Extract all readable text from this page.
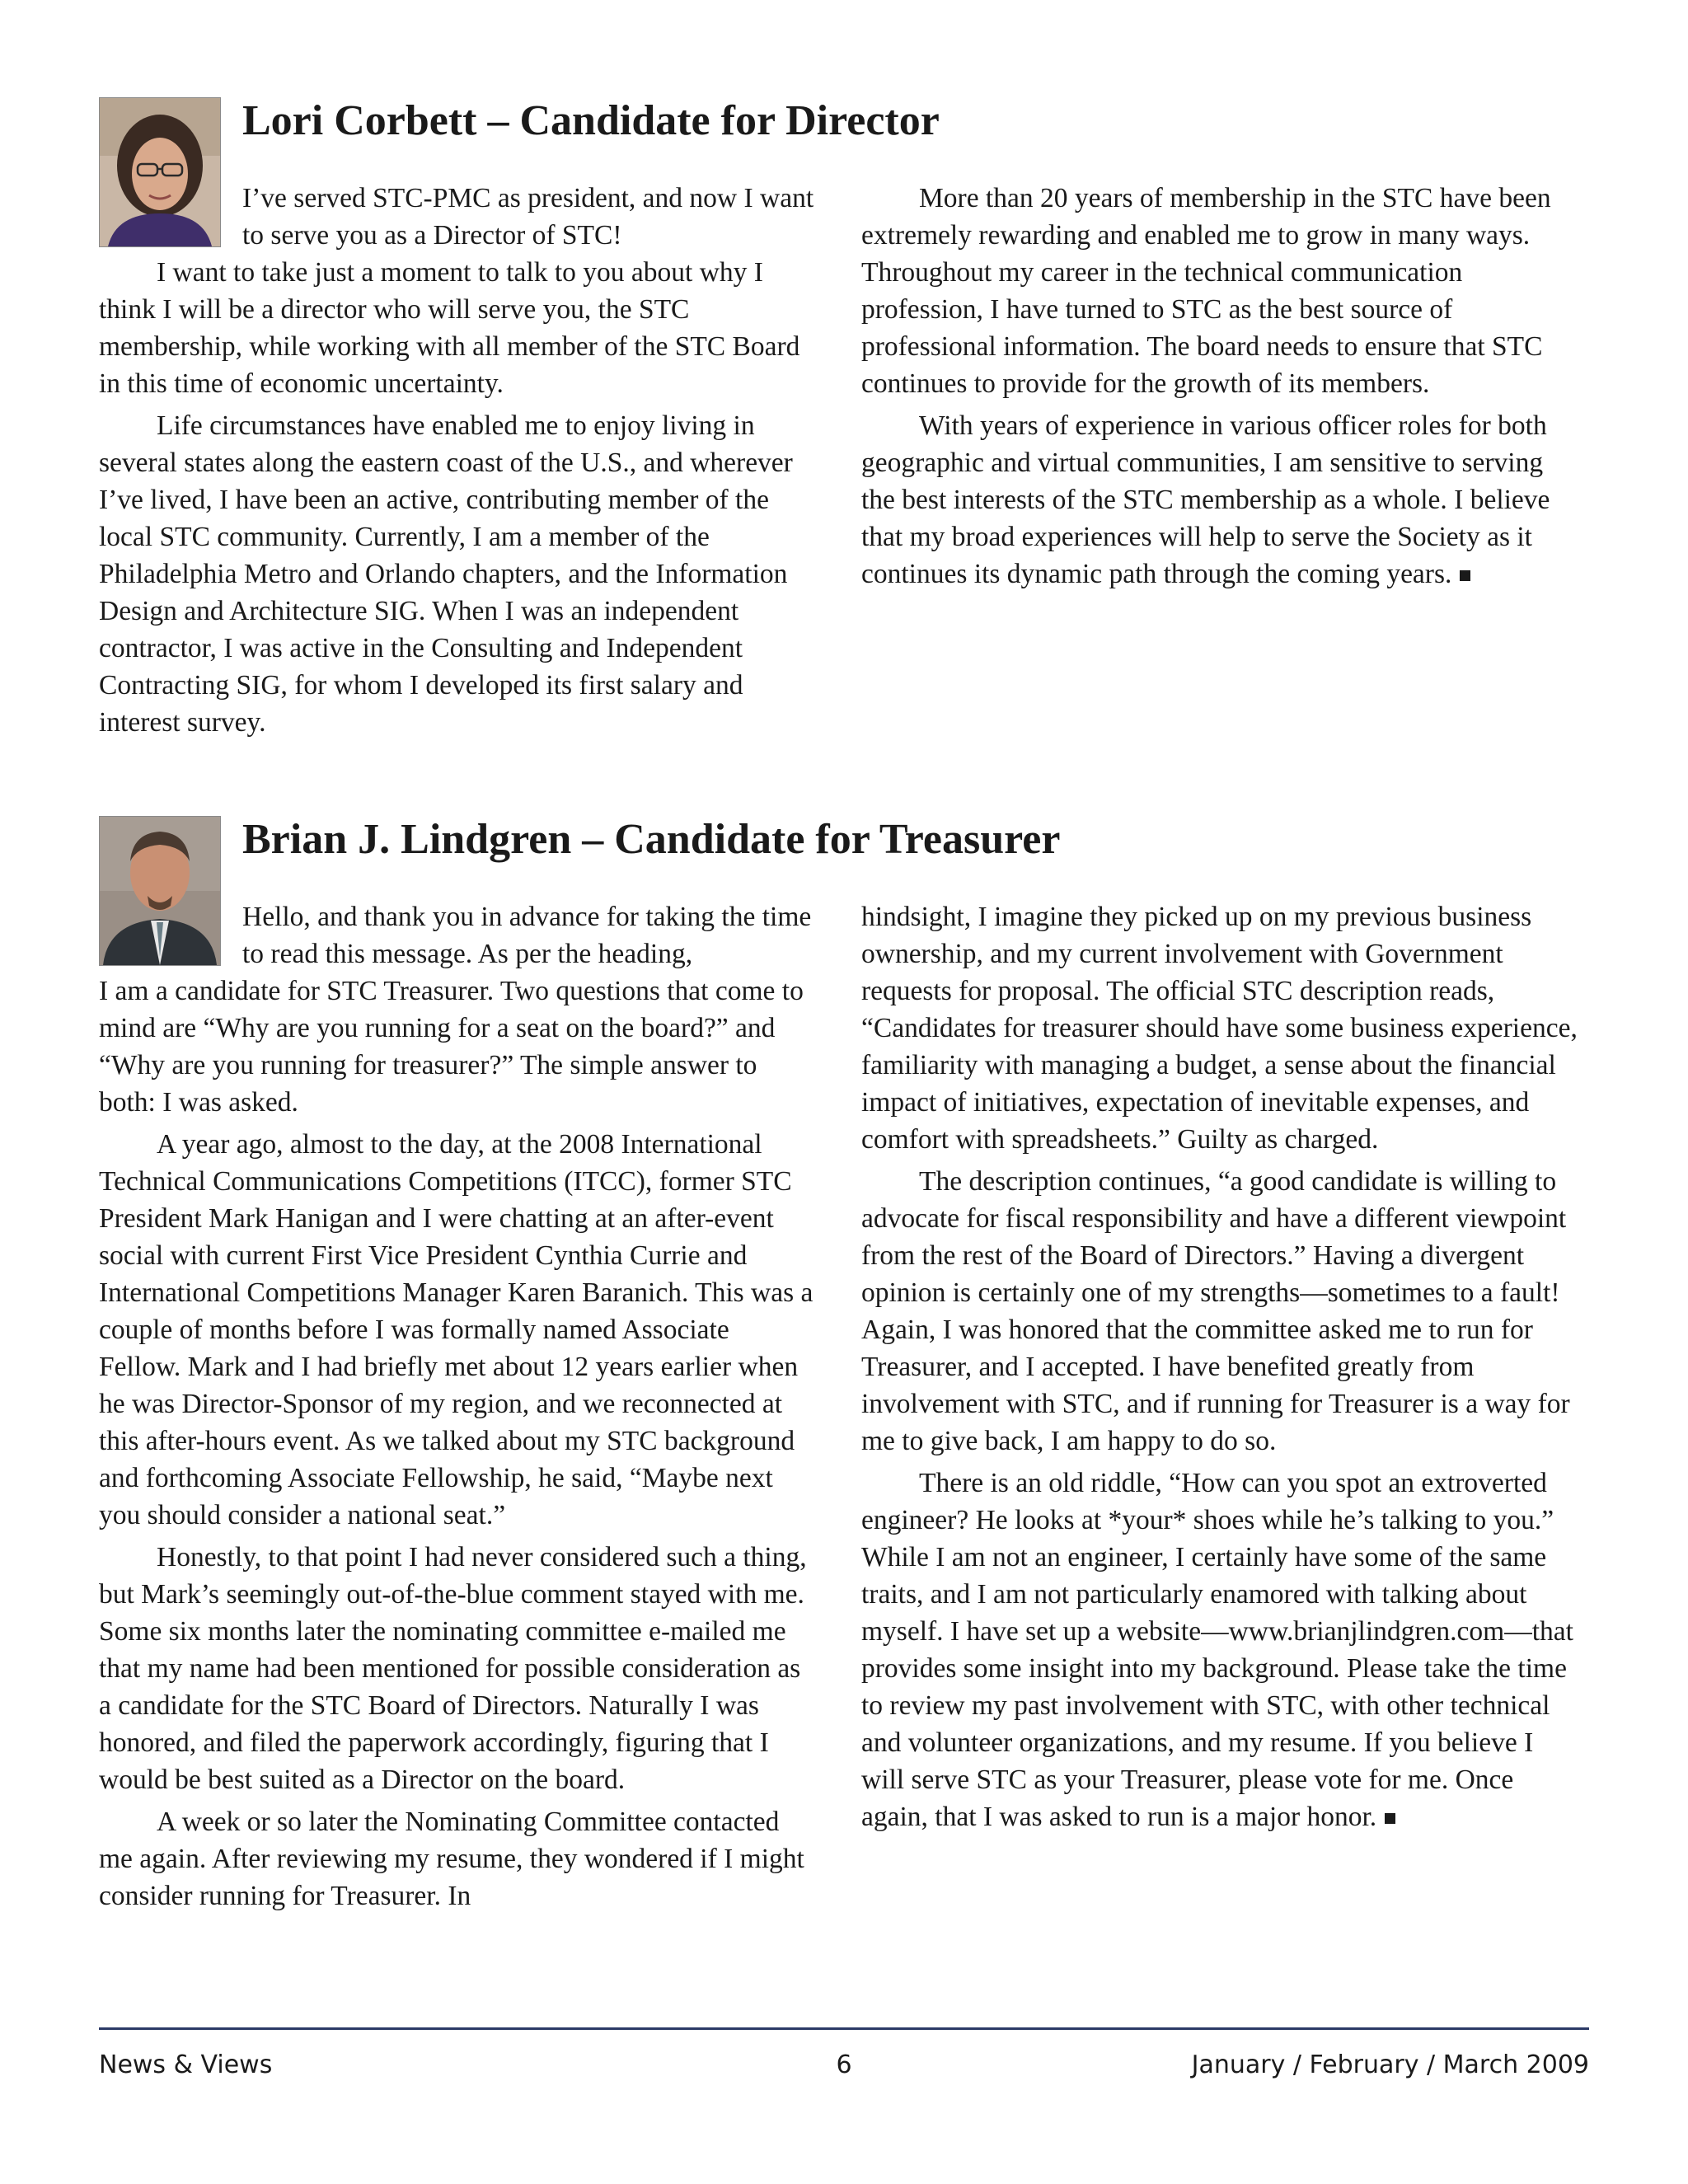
Lori Corbett – Candidate for Director

I’ve served STC-PMC as president, and now I want to serve you as a Director of STC!

I want to take just a moment to talk to you about why I think I will be a director who will serve you, the STC membership, while working with all member of the STC Board in this time of economic uncertainty.

Life circumstances have enabled me to enjoy living in several states along the eastern coast of the U.S., and wherever I’ve lived, I have been an active, contributing member of the local STC community. Currently, I am a member of the Philadelphia Metro and Orlando chapters, and the Information Design and Architecture SIG. When I was an independent contractor, I was active in the Consulting and Independent Contracting SIG, for whom I developed its first salary and interest survey.

More than 20 years of membership in the STC have been extremely rewarding and enabled me to grow in many ways. Throughout my career in the technical communication profession, I have turned to STC as the best source of professional information. The board needs to ensure that STC continues to provide for the growth of its members.

With years of experience in various officer roles for both geographic and virtual communities, I am sensitive to serving the best interests of the STC membership as a whole. I believe that my broad experiences will help to serve the Society as it continues its dynamic path through the coming years.

Brian J. Lindgren – Candidate for Treasurer

Hello, and thank you in advance for taking the time to read this message. As per the heading,

I am a candidate for STC Treasurer. Two questions that come to mind are “Why are you running for a seat on the board?” and “Why are you running for treasurer?” The simple answer to both: I was asked.

A year ago, almost to the day, at the 2008 International Technical Communications Competitions (ITCC), former STC President Mark Hanigan and I were chatting at an after-event social with current First Vice President Cynthia Currie and International Competitions Manager Karen Baranich. This was a couple of months before I was formally named Associate Fellow. Mark and I had briefly met about 12 years earlier when he was Director-Sponsor of my region, and we reconnected at this after-hours event. As we talked about my STC background and forthcoming Associate Fellowship, he said, “Maybe next you should consider a national seat.”

Honestly, to that point I had never considered such a thing, but Mark’s seemingly out-of-the-blue comment stayed with me. Some six months later the nominating committee e-mailed me that my name had been mentioned for possible consideration as a candidate for the STC Board of Directors. Naturally I was honored, and filed the paperwork accordingly, figuring that I would be best suited as a Director on the board.

A week or so later the Nominating Committee contacted me again. After reviewing my resume, they wondered if I might consider running for Treasurer. In

hindsight, I imagine they picked up on my previous business ownership, and my current involvement with Government requests for proposal. The official STC description reads, “Candidates for treasurer should have some business experience, familiarity with managing a budget, a sense about the financial impact of initiatives, expectation of inevitable expenses, and comfort with spreadsheets.” Guilty as charged.

The description continues, “a good candidate is willing to advocate for fiscal responsibility and have a different viewpoint from the rest of the Board of Directors.” Having a divergent opinion is certainly one of my strengths—sometimes to a fault! Again, I was honored that the committee asked me to run for Treasurer, and I accepted. I have benefited greatly from involvement with STC, and if running for Treasurer is a way for me to give back, I am happy to do so.

There is an old riddle, “How can you spot an extroverted engineer? He looks at *your* shoes while he’s talking to you.” While I am not an engineer, I certainly have some of the same traits, and I am not particularly enamored with talking about myself. I have set up a website—www.brianjlindgren.com—that provides some insight into my background. Please take the time to review my past involvement with STC, with other technical and volunteer organizations, and my resume. If you believe I will serve STC as your Treasurer, please vote for me. Once again, that I was asked to run is a major honor.

News & Views	6	January / February / March 2009
